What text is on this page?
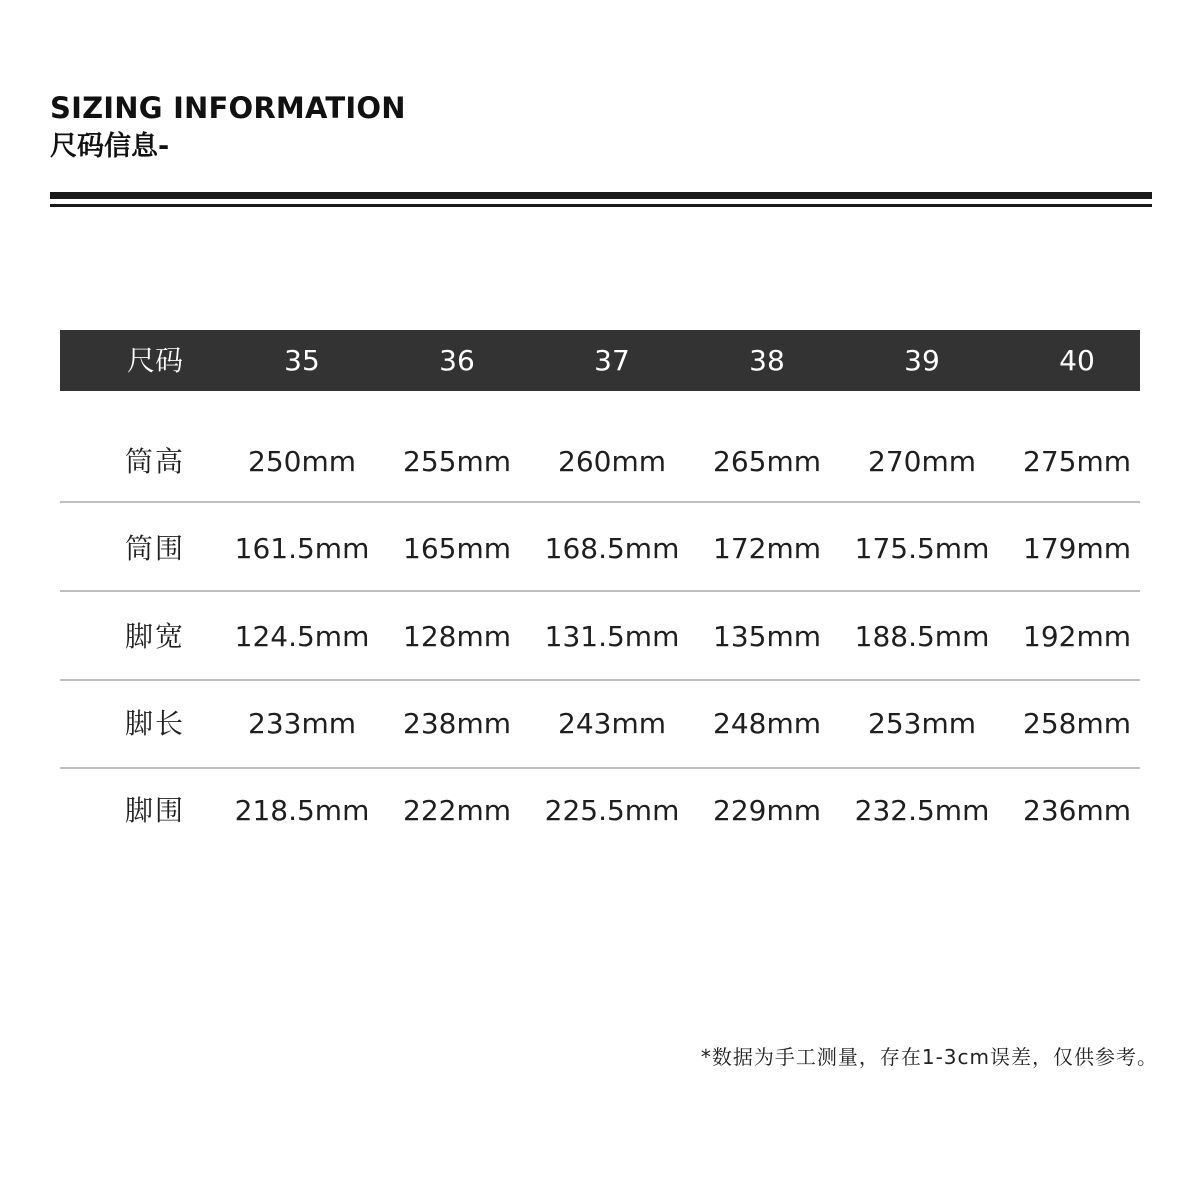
SIZING INFORMATION
尺码信息-
尺码	35	36	37	38	39	40
筒高	250mm	255mm	260mm	265mm	270mm	275mm
筒围	161.5mm	165mm	168.5mm	172mm	175.5mm	179mm
脚宽	124.5mm	128mm	131.5mm	135mm	188.5mm	192mm
脚长	233mm	238mm	243mm	248mm	253mm	258mm
脚围	218.5mm	222mm	225.5mm	229mm	232.5mm	236mm
*数据为手工测量，存在1-3cm误差，仅供参考。
